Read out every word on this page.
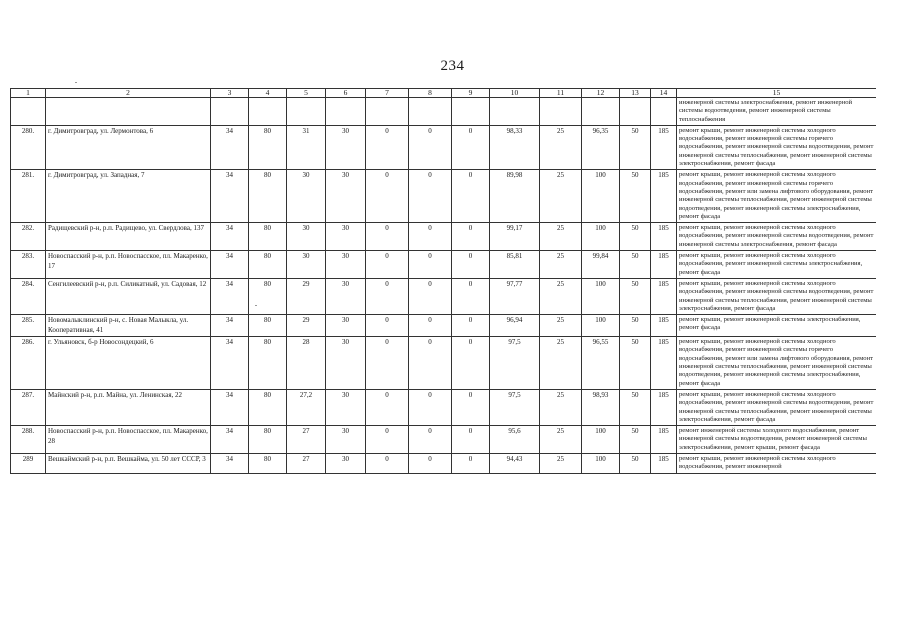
234
1	2	3	4	5	6	7	8	9	10	11	12	13	14	15
														инженерной системы электроснабжения, ремонт инженерной системы водоотведения, ремонт инженерной системы теплоснабжения
280.	г. Димитровград, ул. Лермонтова, 6	34	80	31	30	0	0	0	98,33	25	96,35	50	185	ремонт крыши, ремонт инженерной системы холодного водоснабжения, ремонт инженерной системы горячего водоснабжения, ремонт инженерной системы водоотведения, ремонт инженерной системы теплоснабжения, ремонт инженерной системы электроснабжения, ремонт фасада
281.	г. Димитровград, ул. Западная, 7	34	80	30	30	0	0	0	89,98	25	100	50	185	ремонт крыши, ремонт инженерной системы холодного водоснабжения, ремонт инженерной системы горячего водоснабжения, ремонт или замена лифтового оборудования, ремонт инженерной системы теплоснабжения, ремонт инженерной системы водоотведения, ремонт инженерной системы электроснабжения, ремонт фасада
282.	Радищевский р-н, р.п. Радищево, ул. Свердлова, 137	34	80	30	30	0	0	0	99,17	25	100	50	185	ремонт крыши, ремонт инженерной системы холодного водоснабжения, ремонт инженерной системы водоотведения, ремонт инженерной системы электроснабжения, ремонт фасада
283.	Новоспасский р-н, р.п. Новоспасское, пл. Макаренко, 17	34	80	30	30	0	0	0	85,81	25	99,84	50	185	ремонт крыши, ремонт инженерной системы холодного водоснабжения, ремонт инженерной системы электроснабжения, ремонт фасада
284.	Сенгилеевский р-н, р.п. Силикатный, ул. Садовая, 12	34	80	29	30	0	0	0	97,77	25	100	50	185	ремонт крыши, ремонт инженерной системы холодного водоснабжения, ремонт инженерной системы водоотведения, ремонт инженерной системы теплоснабжения, ремонт инженерной системы электроснабжения, ремонт фасада
285.	Новомалыклинский р-н, с. Новая Малыкла, ул. Кооперативная, 41	34	80	29	30	0	0	0	96,94	25	100	50	185	ремонт крыши, ремонт инженерной системы электроснабжения, ремонт фасада
286.	г. Ульяновск, б-р Новосондецкий, 6	34	80	28	30	0	0	0	97,5	25	96,55	50	185	ремонт крыши, ремонт инженерной системы холодного водоснабжения, ремонт инженерной системы горячего водоснабжения, ремонт или замена лифтового оборудования, ремонт инженерной системы теплоснабжения, ремонт инженерной системы водоотведения, ремонт инженерной системы электроснабжения, ремонт фасада
287.	Майнский р-н, р.п. Майна, ул. Ленинская, 22	34	80	27,2	30	0	0	0	97,5	25	98,93	50	185	ремонт крыши, ремонт инженерной системы холодного водоснабжения, ремонт инженерной системы водоотведения, ремонт инженерной системы теплоснабжения, ремонт инженерной системы электроснабжения, ремонт фасада
288.	Новоспасский р-н, р.п. Новоспасское, пл. Макаренко, 28	34	80	27	30	0	0	0	95,6	25	100	50	185	ремонт инженерной системы холодного водоснабжения, ремонт инженерной системы водоотведения, ремонт инженерной системы электроснабжения, ремонт крыши, ремонт фасада
289	Вешкаймский р-н, р.п. Вешкайма, ул. 50 лет СССР, 3	34	80	27	30	0	0	0	94,43	25	100	50	185	ремонт крыши, ремонт инженерной системы холодного водоснабжения, ремонт инженерной
